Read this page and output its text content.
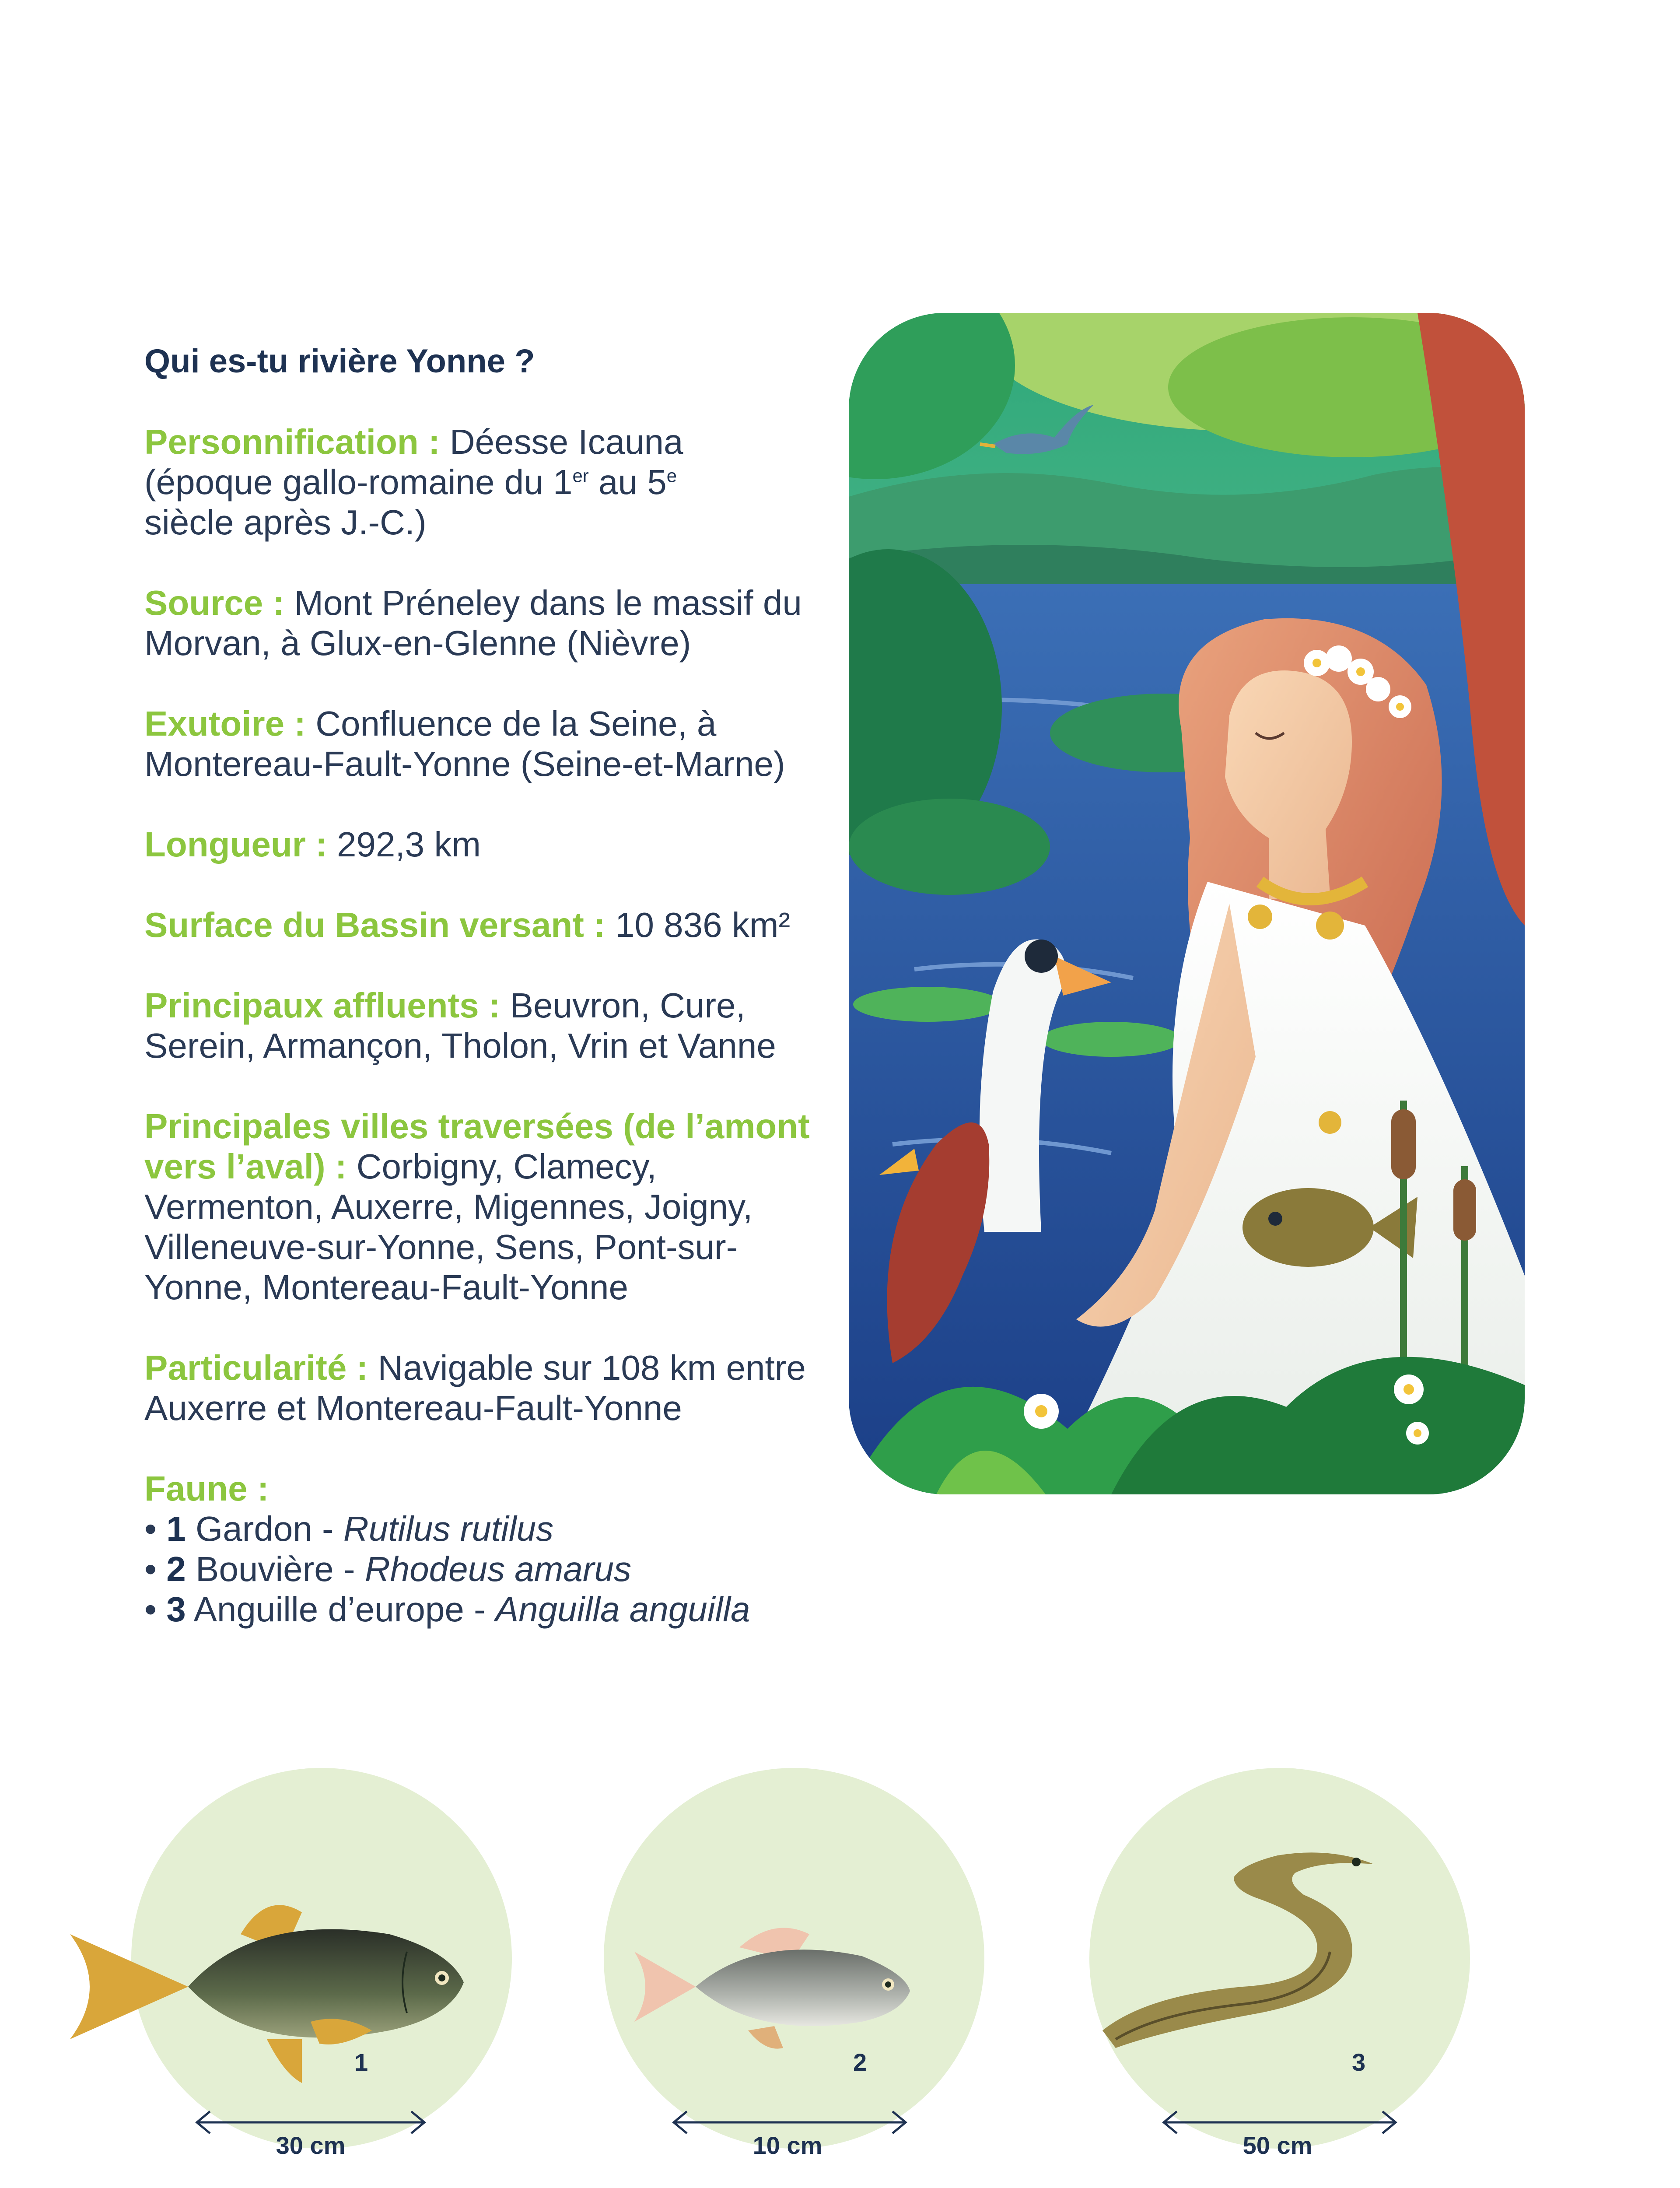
Qui es-tu rivière Yonne ?
Personnification : Déesse Icauna
(époque gallo-romaine du 1er au 5e
siècle après J.-C.)
Source : Mont Préneley dans le massif du Morvan, à Glux-en-Glenne (Nièvre)
Exutoire : Confluence de la Seine, à Montereau-Fault-Yonne (Seine-et-Marne)
Longueur : 292,3 km
Surface du Bassin versant : 10 836 km²
Principaux affluents : Beuvron, Cure, Serein, Armançon, Tholon, Vrin et Vanne
Principales villes traversées (de l’amont vers l’aval) : Corbigny, Clamecy, Vermenton, Auxerre, Migennes, Joigny, Villeneuve-sur-Yonne, Sens, Pont-sur-Yonne, Montereau-Fault-Yonne
Particularité : Navigable sur 108 km entre Auxerre et Montereau-Fault-Yonne
Faune :
• 1 Gardon - Rutilus rutilus
• 2 Bouvière - Rhodeus amarus
• 3 Anguille d’europe - Anguilla anguilla
1
30 cm
2
10 cm
3
50 cm
